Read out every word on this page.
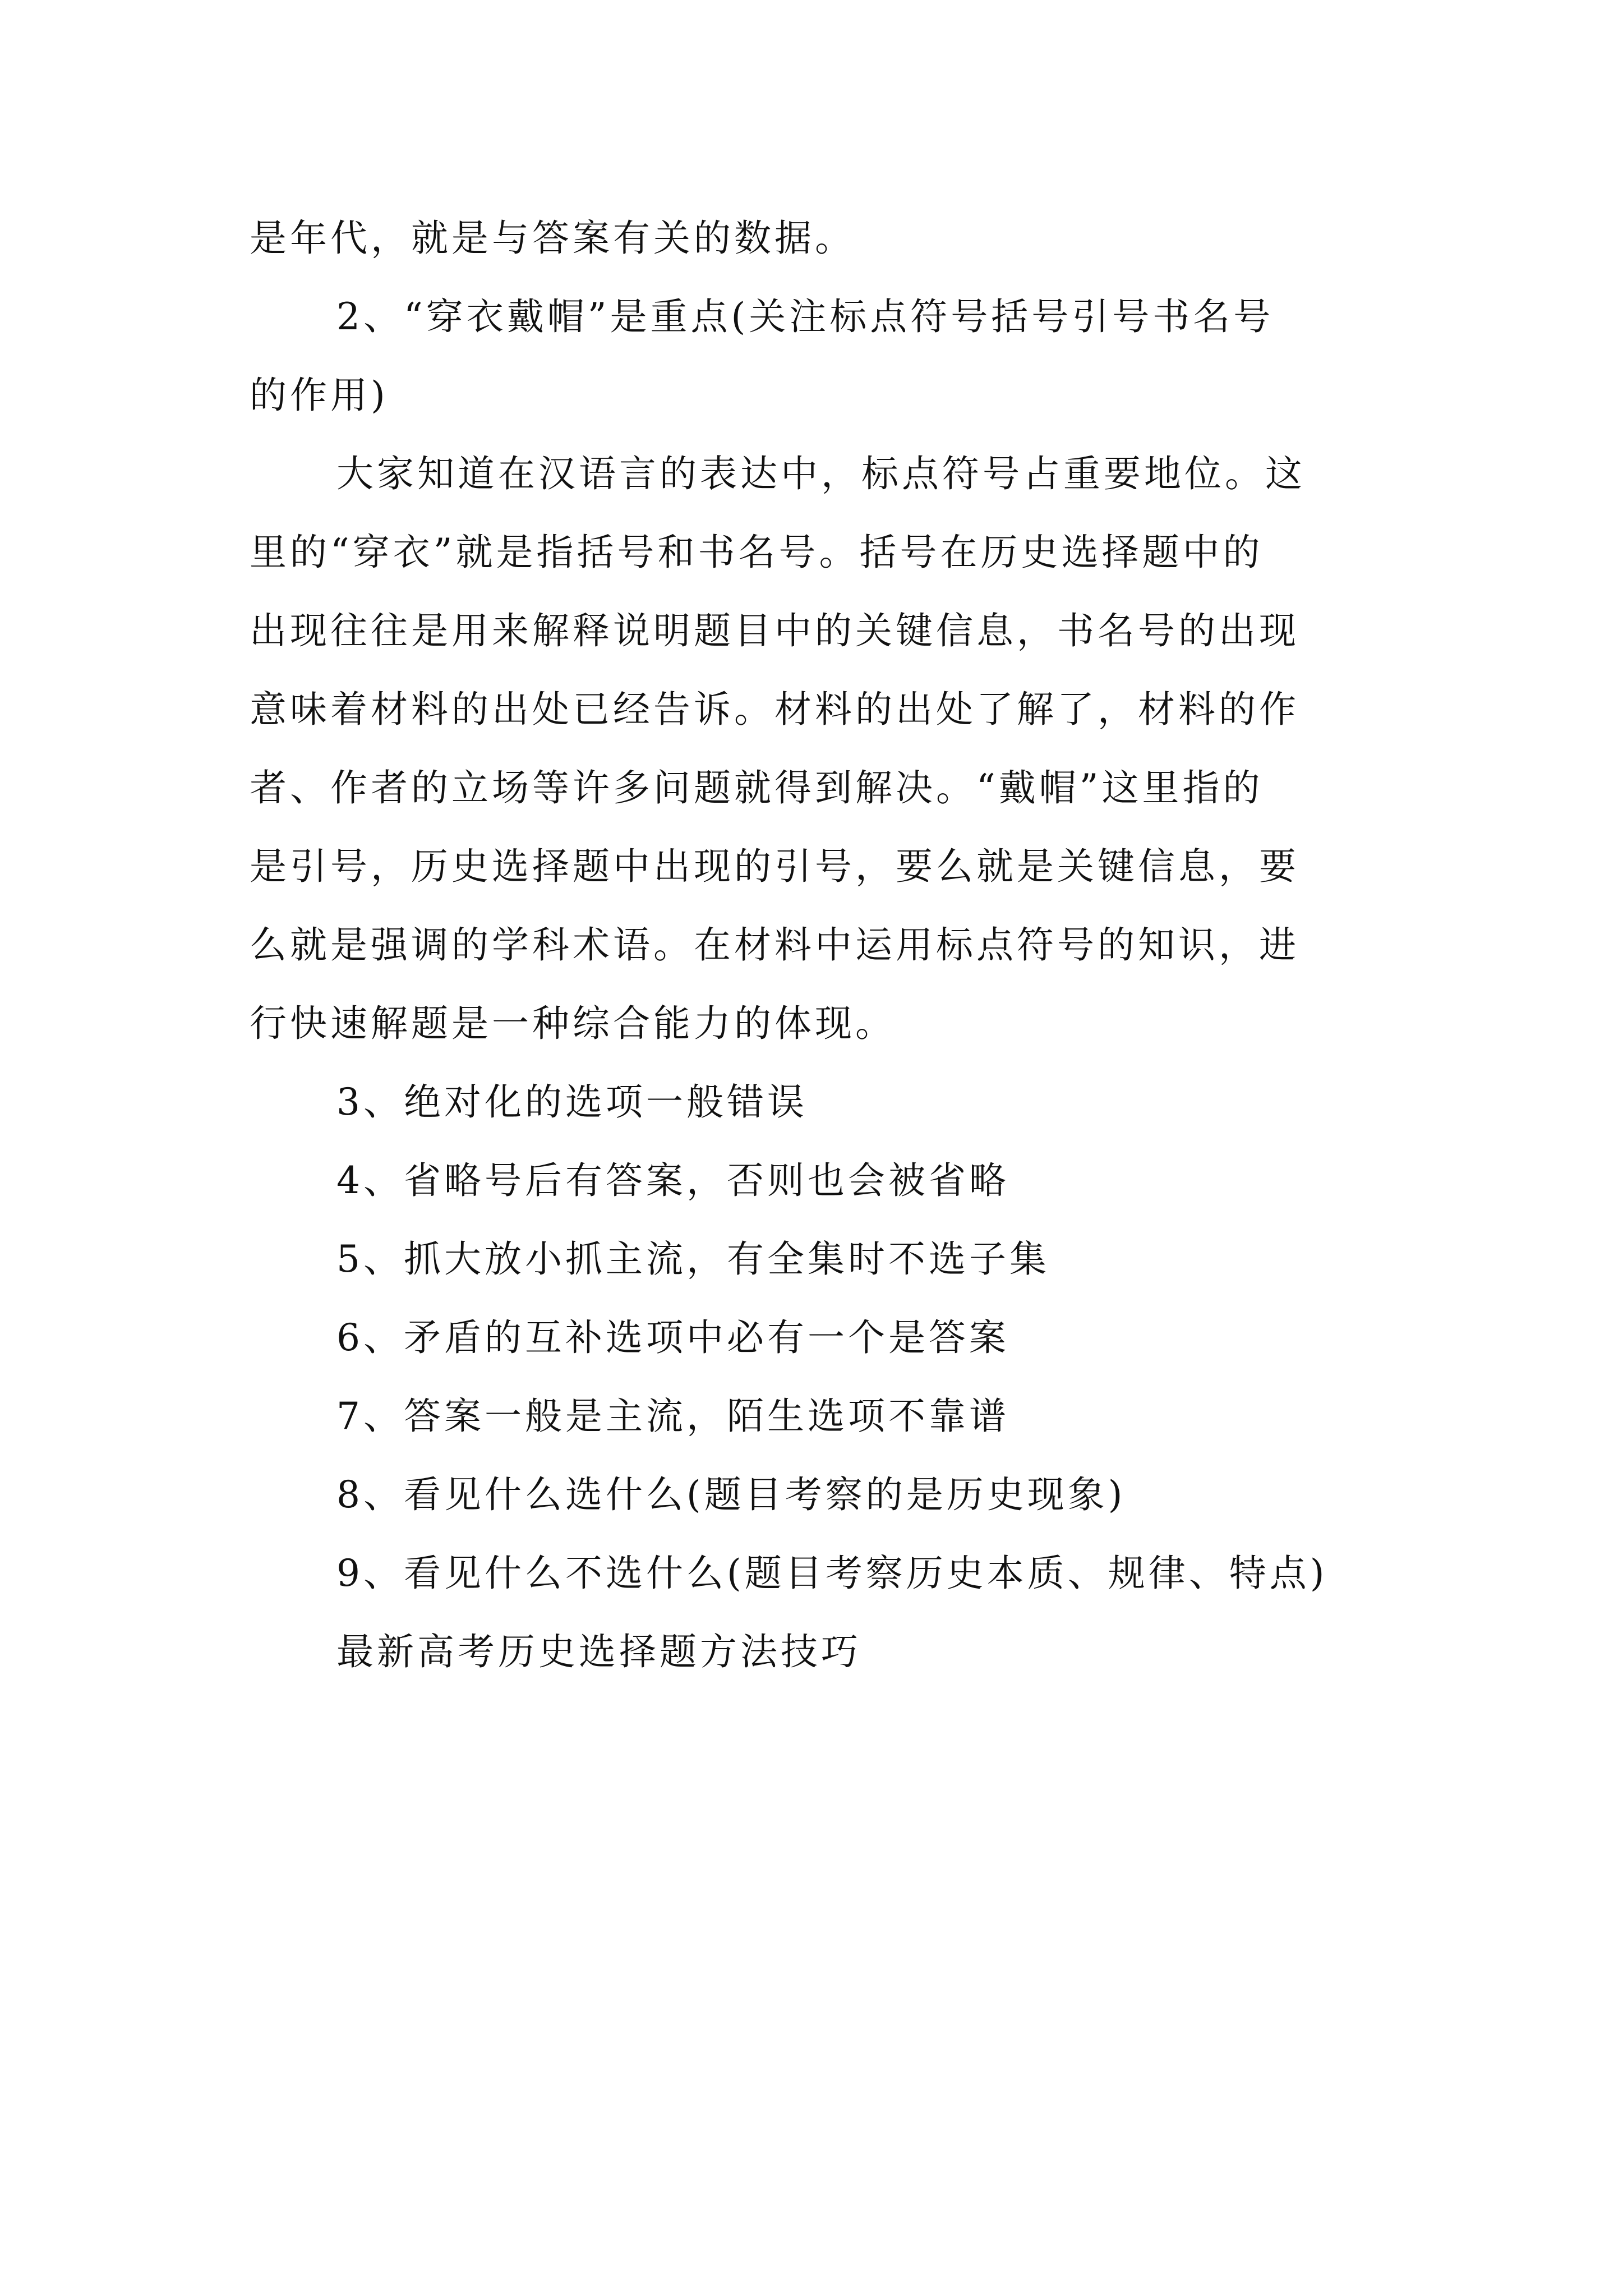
是年代，就是与答案有关的数据。
2、“穿衣戴帽”是重点(关注标点符号括号引号书名号
的作用)
大家知道在汉语言的表达中，标点符号占重要地位。这
里的“穿衣”就是指括号和书名号。括号在历史选择题中的
出现往往是用来解释说明题目中的关键信息，书名号的出现
意味着材料的出处已经告诉。材料的出处了解了，材料的作
者、作者的立场等许多问题就得到解决。“戴帽”这里指的
是引号，历史选择题中出现的引号，要么就是关键信息，要
么就是强调的学科术语。在材料中运用标点符号的知识，进
行快速解题是一种综合能力的体现。
3、绝对化的选项一般错误
4、省略号后有答案，否则也会被省略
5、抓大放小抓主流，有全集时不选子集
6、矛盾的互补选项中必有一个是答案
7、答案一般是主流，陌生选项不靠谱
8、看见什么选什么(题目考察的是历史现象)
9、看见什么不选什么(题目考察历史本质、规律、特点)
最新高考历史选择题方法技巧
